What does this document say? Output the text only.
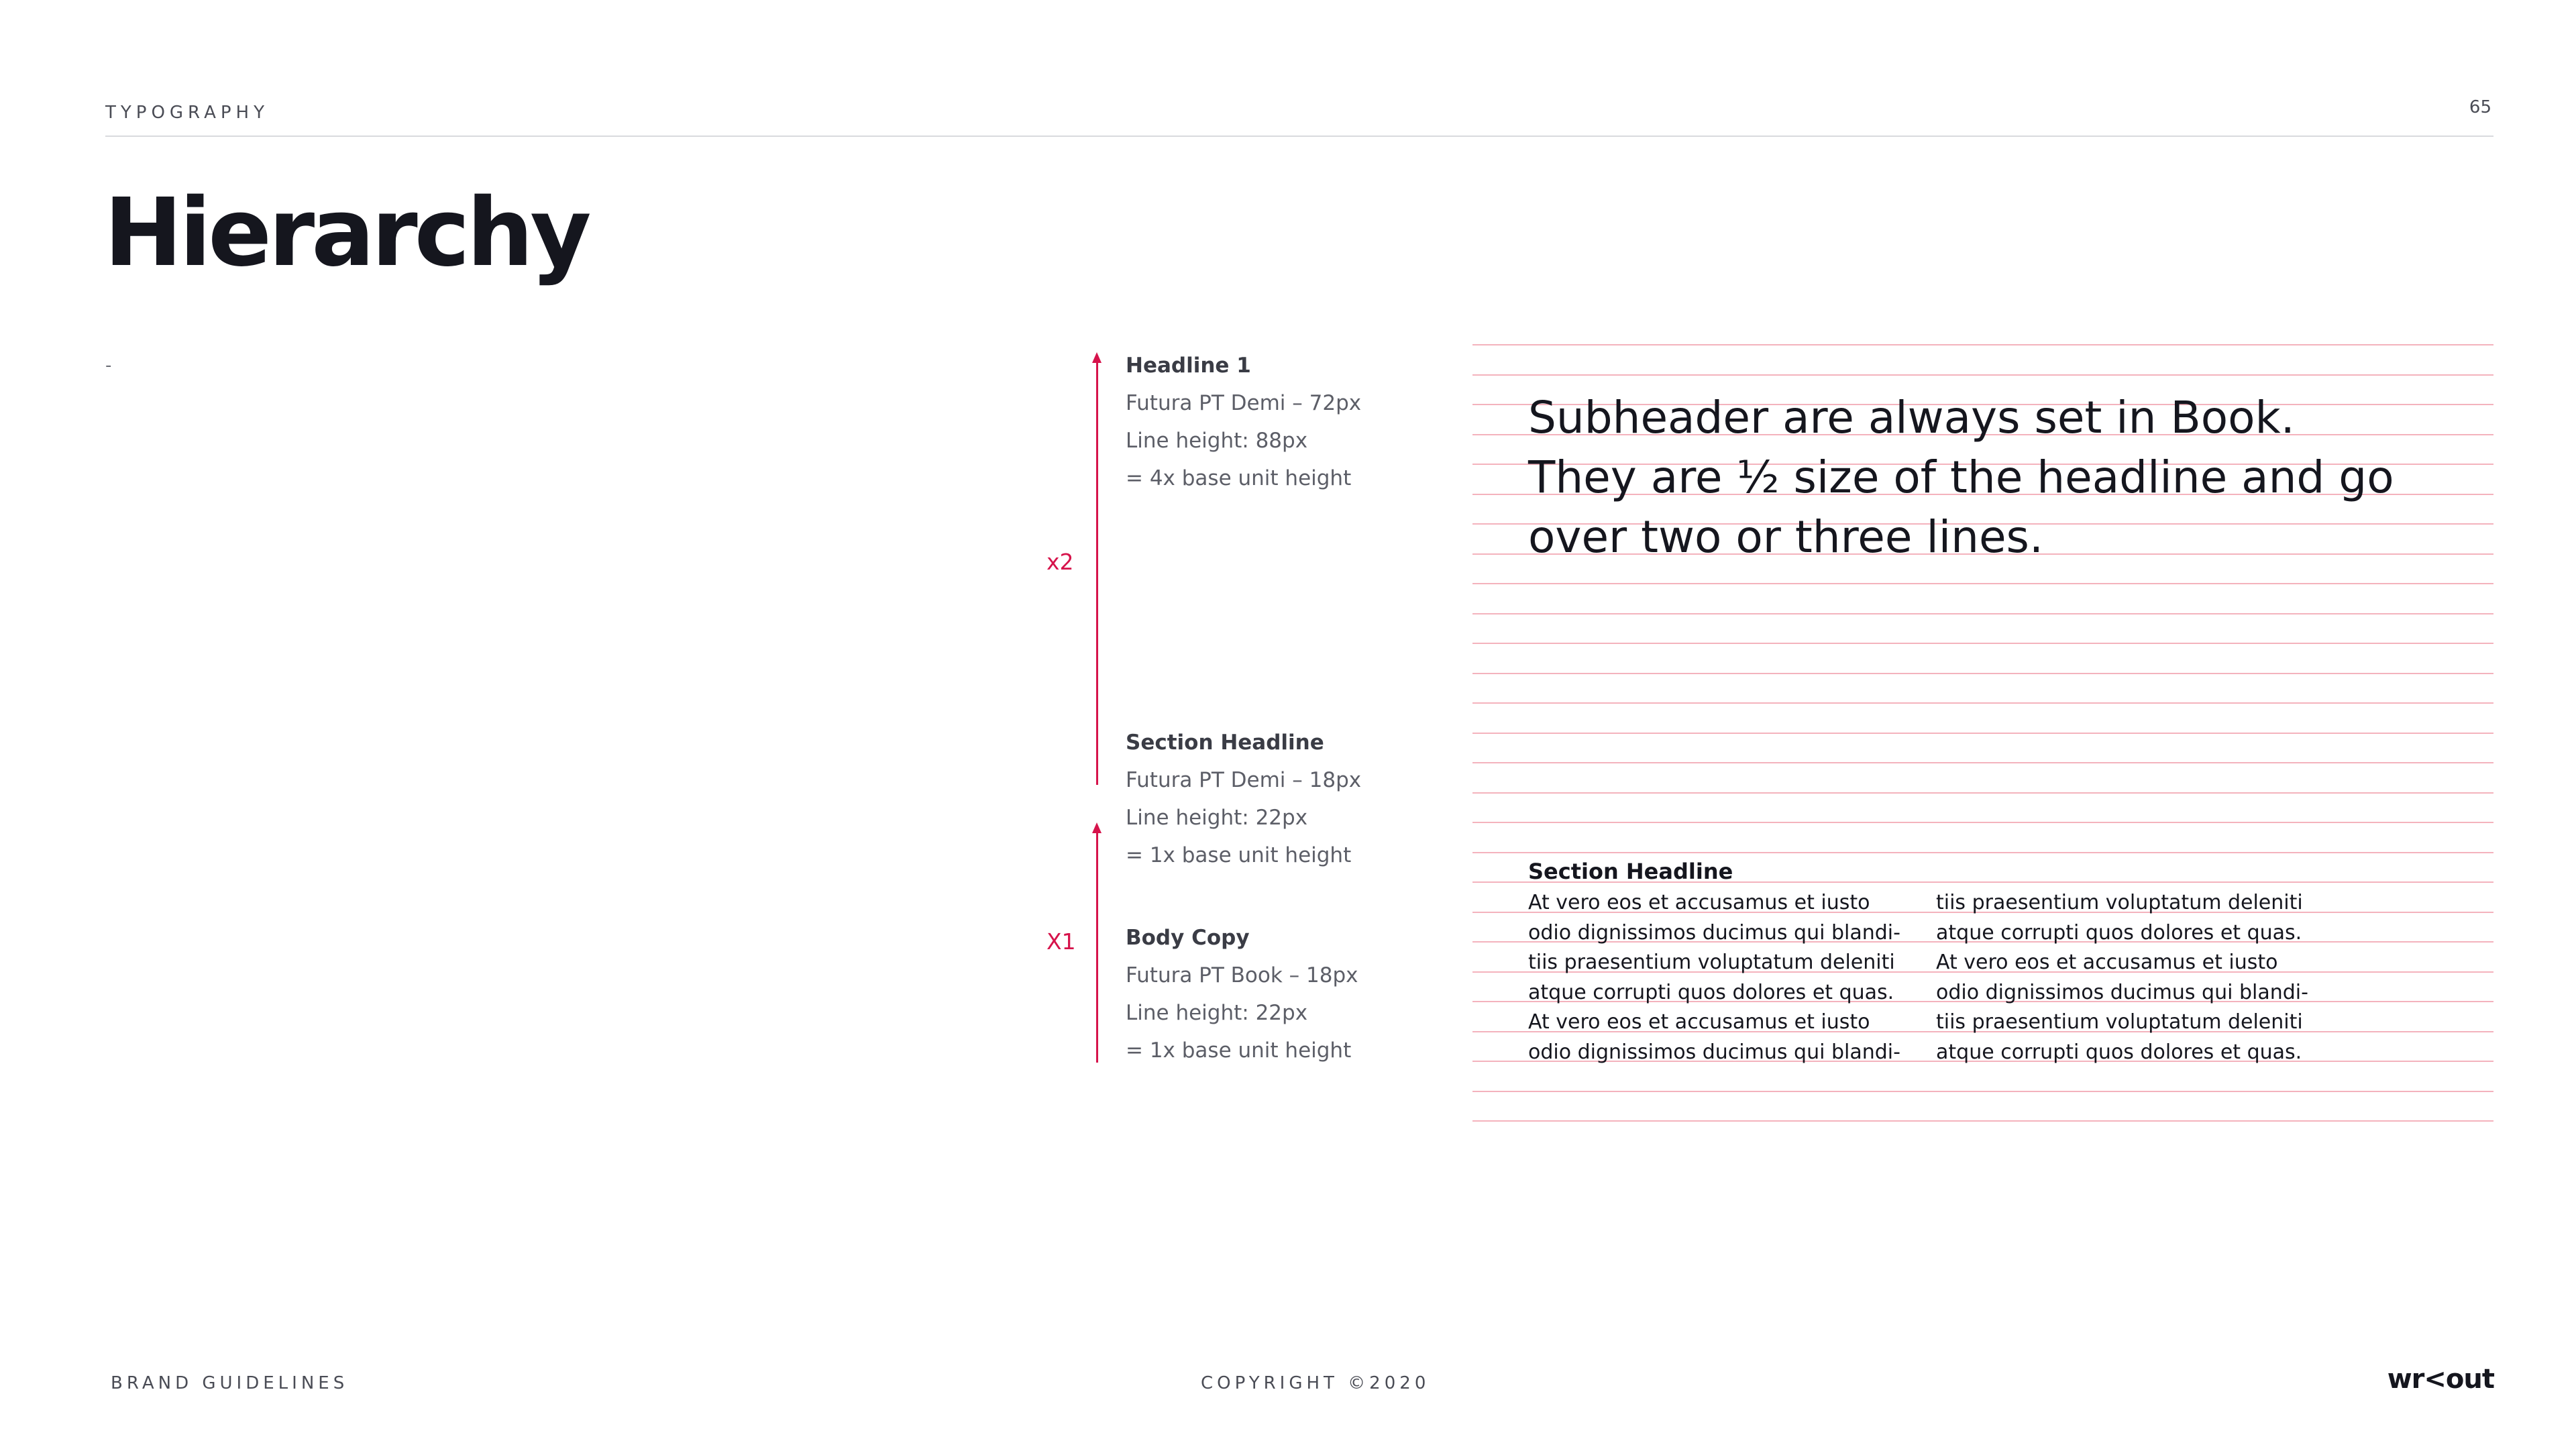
TYPOGRAPHY	65
Hierarchy
-
x2
X1
Headline 1
Futura PT Demi – 72px
Line height: 88px
= 4x base unit height
Section Headline
Futura PT Demi – 18px
Line height: 22px
= 1x base unit height
Body Copy
Futura PT Book – 18px
Line height: 22px
= 1x base unit height
Subheader are always set in Book.
They are ½ size of the headline and go
over two or three lines.
Section Headline
At vero eos et accusamus et iusto
odio dignissimos ducimus qui blandi-
tiis praesentium voluptatum deleniti
atque corrupti quos dolores et quas.
At vero eos et accusamus et iusto
odio dignissimos ducimus qui blandi-
tiis praesentium voluptatum deleniti
atque corrupti quos dolores et quas.
At vero eos et accusamus et iusto
odio dignissimos ducimus qui blandi-
tiis praesentium voluptatum deleniti
atque corrupti quos dolores et quas.
BRAND GUIDELINES	COPYRIGHT ©2020	wr<out
